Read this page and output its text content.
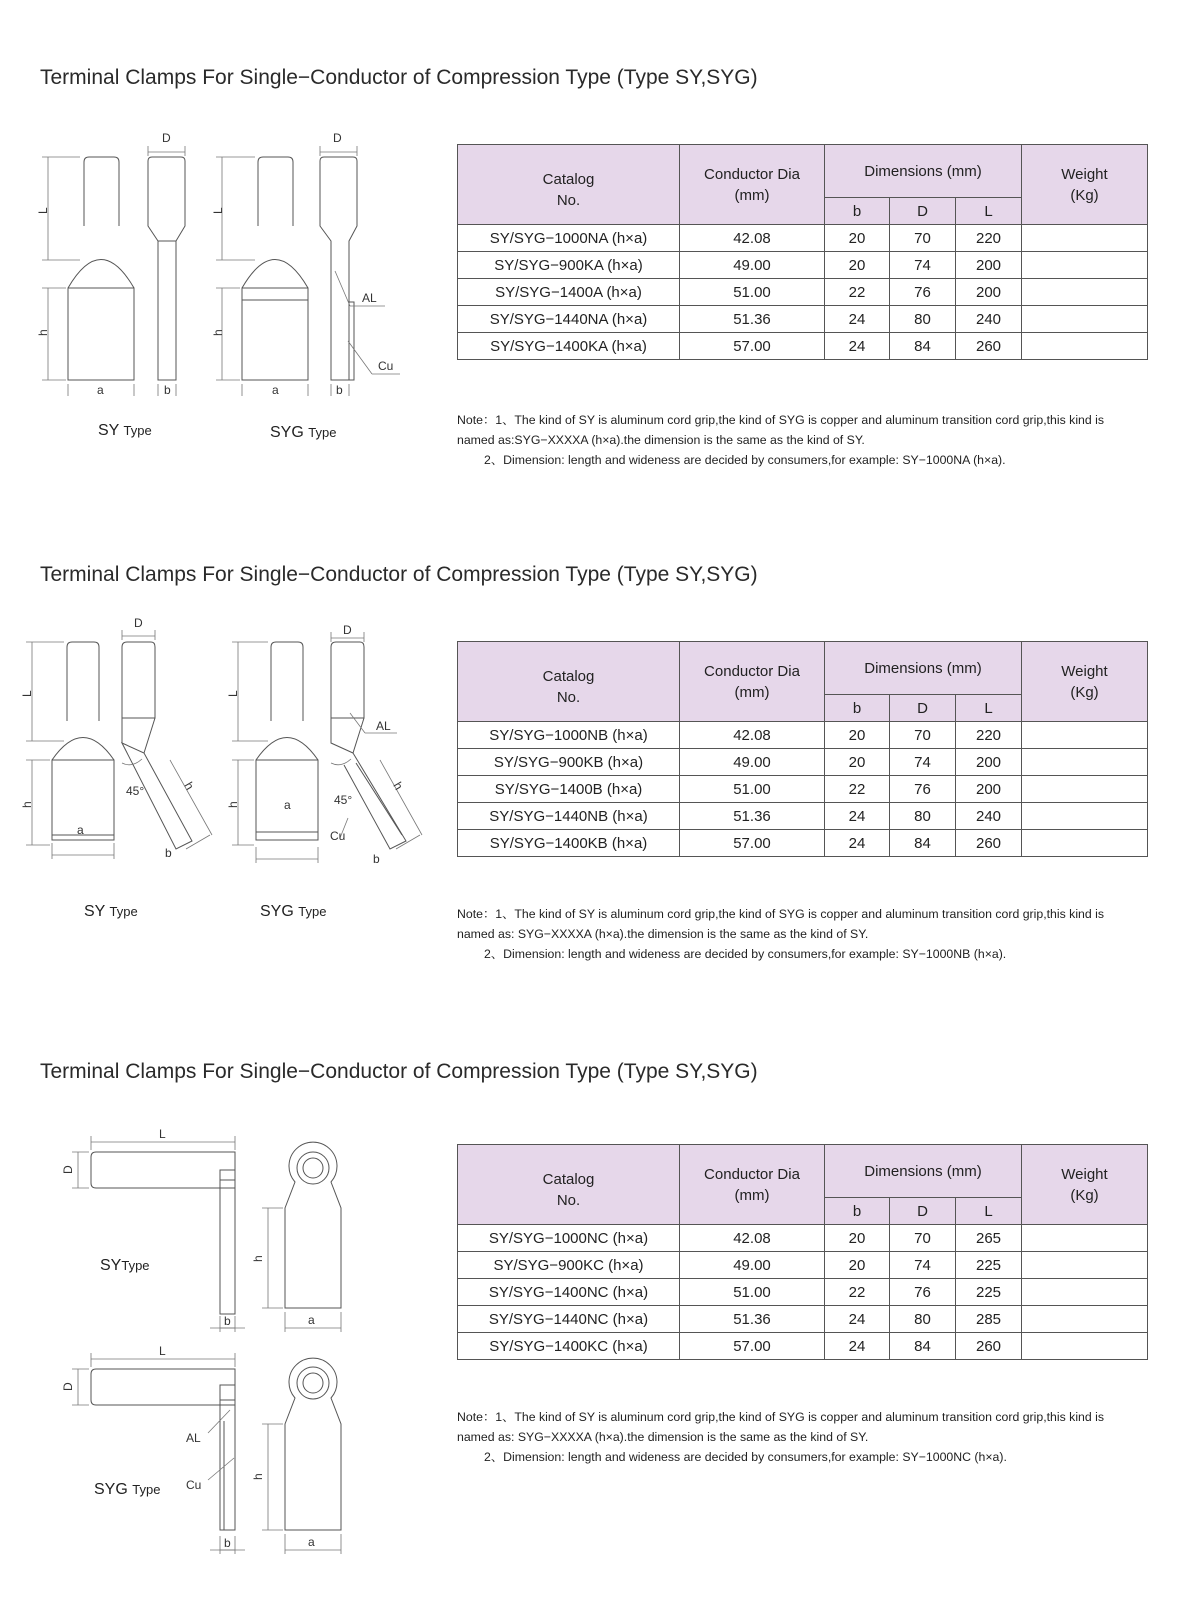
Terminal Clamps For Single−Conductor of Compression Type (Type SY,SYG)
D	D
L	L
h	h
a	a
b	b
AL
Cu
SY Type	SYG Type
Catalog
No.	Conductor Dia
(mm)	Dimensions (mm)			Weight
(Kg)
		b	D	L	
SY/SYG−1000NA (h×a)	42.08	20	70	220	
SY/SYG−900KA (h×a)	49.00	20	74	200	
SY/SYG−1400A (h×a)	51.00	22	76	200	
SY/SYG−1440NA (h×a)	51.36	24	80	240	
SY/SYG−1400KA (h×a)	57.00	24	84	260	
Note：1、The kind of SY is aluminum cord grip,the kind of SYG is copper and aluminum transition cord grip,this kind is
named as:SYG−XXXXA (h×a).the dimension is the same as the kind of SY.
2、Dimension: length and wideness are decided by consumers,for example: SY−1000NA (h×a).
Terminal Clamps For Single−Conductor of Compression Type (Type SY,SYG)
D	D
L	L
h	h
a
a
b	b
h	h
45°
45°
AL
Cu
SY Type	SYG Type
Catalog
No.	Conductor Dia
(mm)	Dimensions (mm)			Weight
(Kg)
		b	D	L	
SY/SYG−1000NB (h×a)	42.08	20	70	220	
SY/SYG−900KB (h×a)	49.00	20	74	200	
SY/SYG−1400B (h×a)	51.00	22	76	200	
SY/SYG−1440NB (h×a)	51.36	24	80	240	
SY/SYG−1400KB (h×a)	57.00	24	84	260	
Note：1、The kind of SY is aluminum cord grip,the kind of SYG is copper and aluminum transition cord grip,this kind is
named as: SYG−XXXXA (h×a).the dimension is the same as the kind of SY.
2、Dimension: length and wideness are decided by consumers,for example: SY−1000NB (h×a).
Terminal Clamps For Single−Conductor of Compression Type (Type SY,SYG)
L
L
D
D
h
h
a
a
b
b
AL
Cu
SYType
SYG Type
Catalog
No.	Conductor Dia
(mm)	Dimensions (mm)			Weight
(Kg)
		b	D	L	
SY/SYG−1000NC (h×a)	42.08	20	70	265	
SY/SYG−900KC (h×a)	49.00	20	74	225	
SY/SYG−1400NC (h×a)	51.00	22	76	225	
SY/SYG−1440NC (h×a)	51.36	24	80	285	
SY/SYG−1400KC (h×a)	57.00	24	84	260	
Note：1、The kind of SY is aluminum cord grip,the kind of SYG is copper and aluminum transition cord grip,this kind is
named as: SYG−XXXXA (h×a).the dimension is the same as the kind of SY.
2、Dimension: length and wideness are decided by consumers,for example: SY−1000NC (h×a).
